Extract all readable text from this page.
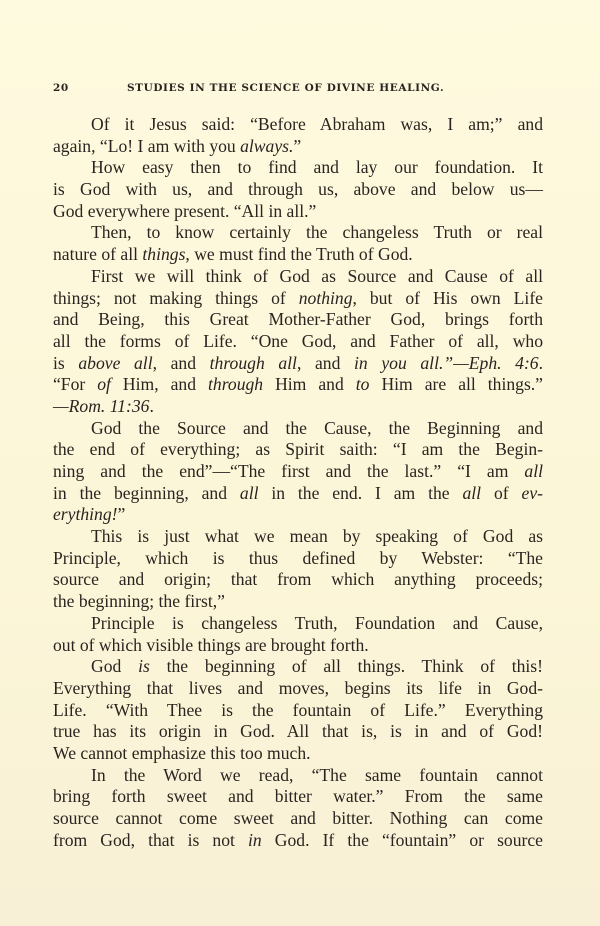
20	STUDIES IN THE SCIENCE OF DIVINE HEALING.
Of it Jesus said: “Before Abraham was, I am;” and
again, “Lo! I am with you always.”
How easy then to find and lay our foundation. It
is God with us, and through us, above and below us—
God everywhere present. “All in all.”
Then, to know certainly the changeless Truth or real
nature of all things, we must find the Truth of God.
First we will think of God as Source and Cause of all
things; not making things of nothing, but of His own Life
and Being, this Great Mother-Father God, brings forth
all the forms of Life. “One God, and Father of all, who
is above all, and through all, and in you all.”—Eph. 4:6.
“For of Him, and through Him and to Him are all things.”
—Rom. 11:36.
God the Source and the Cause, the Beginning and
the end of everything; as Spirit saith: “I am the Begin-
ning and the end”—“The first and the last.” “I am all
in the beginning, and all in the end. I am the all of ev-
erything!”
This is just what we mean by speaking of God as
Principle, which is thus defined by Webster: “The
source and origin; that from which anything proceeds;
the beginning; the first,”
Principle is changeless Truth, Foundation and Cause,
out of which visible things are brought forth.
God is the beginning of all things. Think of this!
Everything that lives and moves, begins its life in God-
Life. “With Thee is the fountain of Life.” Everything
true has its origin in God. All that is, is in and of God!
We cannot emphasize this too much.
In the Word we read, “The same fountain cannot
bring forth sweet and bitter water.” From the same
source cannot come sweet and bitter. Nothing can come
from God, that is not in God. If the “fountain” or source
